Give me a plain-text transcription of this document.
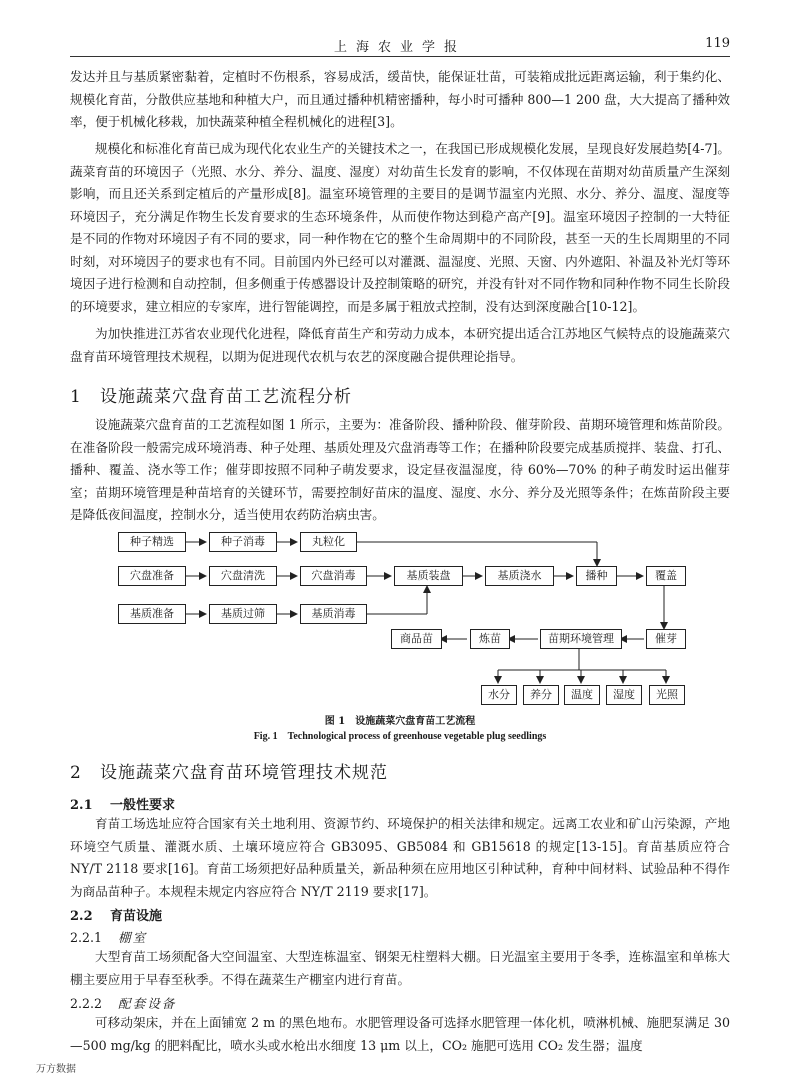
上海农业学报	119

发达并且与基质紧密黏着，定植时不伤根系，容易成活，缓苗快，能保证壮苗，可装箱成批远距离运输，利于集约化、规模化育苗，分散供应基地和种植大户，而且通过播种机精密播种，每小时可播种 800—1 200 盘，大大提高了播种效率，便于机械化移栽，加快蔬菜种植全程机械化的进程[3]。

规模化和标准化育苗已成为现代化农业生产的关键技术之一，在我国已形成规模化发展，呈现良好发展趋势[4-7]。蔬菜育苗的环境因子（光照、水分、养分、温度、湿度）对幼苗生长发育的影响，不仅体现在苗期对幼苗质量产生深刻影响，而且还关系到定植后的产量形成[8]。温室环境管理的主要目的是调节温室内光照、水分、养分、温度、湿度等环境因子，充分满足作物生长发育要求的生态环境条件，从而使作物达到稳产高产[9]。温室环境因子控制的一大特征是不同的作物对环境因子有不同的要求，同一种作物在它的整个生命周期中的不同阶段，甚至一天的生长周期里的不同时刻，对环境因子的要求也有不同。目前国内外已经可以对灌溉、温湿度、光照、天窗、内外遮阳、补温及补光灯等环境因子进行检测和自动控制，但多侧重于传感器设计及控制策略的研究，并没有针对不同作物和同种作物不同生长阶段的环境要求，建立相应的专家库，进行智能调控，而是多属于粗放式控制，没有达到深度融合[10-12]。

为加快推进江苏省农业现代化进程，降低育苗生产和劳动力成本，本研究提出适合江苏地区气候特点的设施蔬菜穴盘育苗环境管理技术规程，以期为促进现代农机与农艺的深度融合提供理论指导。

1 设施蔬菜穴盘育苗工艺流程分析

设施蔬菜穴盘育苗的工艺流程如图 1 所示，主要为：准备阶段、播种阶段、催芽阶段、苗期环境管理和炼苗阶段。在准备阶段一般需完成环境消毒、种子处理、基质处理及穴盘消毒等工作；在播种阶段要完成基质搅拌、装盘、打孔、播种、覆盖、浇水等工作；催芽即按照不同种子萌发要求，设定昼夜温湿度，待 60%—70% 的种子萌发时运出催芽室；苗期环境管理是种苗培育的关键环节，需要控制好苗床的温度、湿度、水分、养分及光照等条件；在炼苗阶段主要是降低夜间温度，控制水分，适当使用农药防治病虫害。

种子精选	种子消毒	丸粒化
穴盘准备	穴盘清洗	穴盘消毒	基质装盘	基质浇水	播种	覆盖
基质准备	基质过筛	基质消毒
商品苗	炼苗	苗期环境管理	催芽
水分	养分	温度	湿度	光照
图 1　设施蔬菜穴盘育苗工艺流程
Fig. 1　Technological process of greenhouse vegetable plug seedlings
2 设施蔬菜穴盘育苗环境管理技术规范
2.1 一般性要求

育苗工场选址应符合国家有关土地利用、资源节约、环境保护的相关法律和规定。远离工农业和矿山污染源，产地环境空气质量、灌溉水质、土壤环境应符合 GB3095、GB5084 和 GB15618 的规定[13-15]。育苗基质应符合 NY/T 2118 要求[16]。育苗工场须把好品种质量关，新品种须在应用地区引种试种，育种中间材料、试验品种不得作为商品苗种子。本规程未规定内容应符合 NY/T 2119 要求[17]。

2.2 育苗设施
2.2.1 棚室

大型育苗工场须配备大空间温室、大型连栋温室、钢架无柱塑料大棚。日光温室主要用于冬季，连栋温室和单栋大棚主要应用于早春至秋季。不得在蔬菜生产棚室内进行育苗。

2.2.2 配套设备

可移动架床，并在上面铺宽 2 m 的黑色地布。水肥管理设备可选择水肥管理一体化机，喷淋机械、施肥泵满足 30—500 mg/kg 的肥料配比，喷水头或水枪出水细度 13 μm 以上，CO₂ 施肥可选用 CO₂ 发生器；温度

万方数据
